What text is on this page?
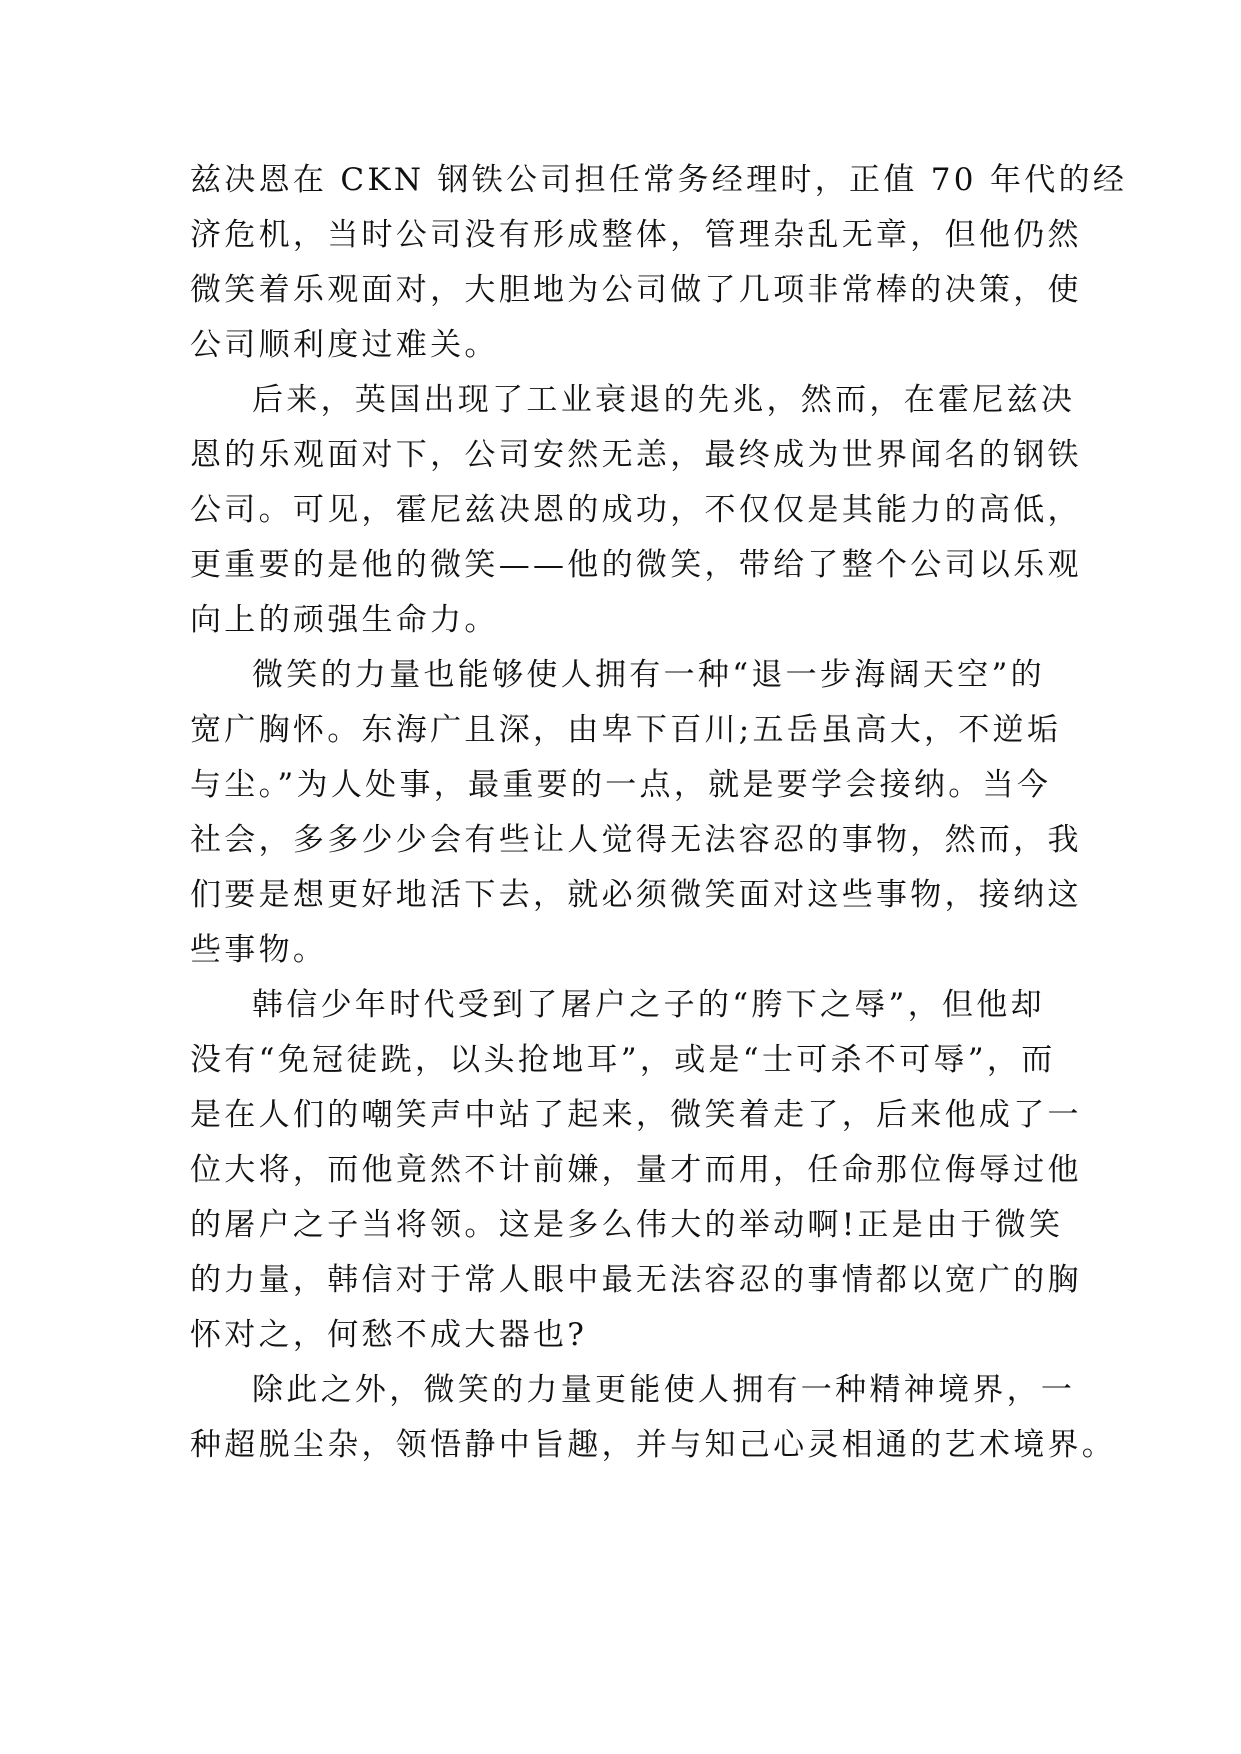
兹决恩在 CKN 钢铁公司担任常务经理时，正值 70 年代的经
济危机，当时公司没有形成整体，管理杂乱无章，但他仍然
微笑着乐观面对，大胆地为公司做了几项非常棒的决策，使
公司顺利度过难关。
后来，英国出现了工业衰退的先兆，然而，在霍尼兹决
恩的乐观面对下，公司安然无恙，最终成为世界闻名的钢铁
公司。可见，霍尼兹决恩的成功，不仅仅是其能力的高低，
更重要的是他的微笑——他的微笑，带给了整个公司以乐观
向上的顽强生命力。
微笑的力量也能够使人拥有一种“退一步海阔天空”的
宽广胸怀。东海广且深，由卑下百川;五岳虽高大，不逆垢
与尘。”为人处事，最重要的一点，就是要学会接纳。当今
社会，多多少少会有些让人觉得无法容忍的事物，然而，我
们要是想更好地活下去，就必须微笑面对这些事物，接纳这
些事物。
韩信少年时代受到了屠户之子的“胯下之辱”，但他却
没有“免冠徒跣，以头抢地耳”，或是“士可杀不可辱”，而
是在人们的嘲笑声中站了起来，微笑着走了，后来他成了一
位大将，而他竟然不计前嫌，量才而用，任命那位侮辱过他
的屠户之子当将领。这是多么伟大的举动啊!正是由于微笑
的力量，韩信对于常人眼中最无法容忍的事情都以宽广的胸
怀对之，何愁不成大器也?
除此之外，微笑的力量更能使人拥有一种精神境界，一
种超脱尘杂，领悟静中旨趣，并与知己心灵相通的艺术境界。
